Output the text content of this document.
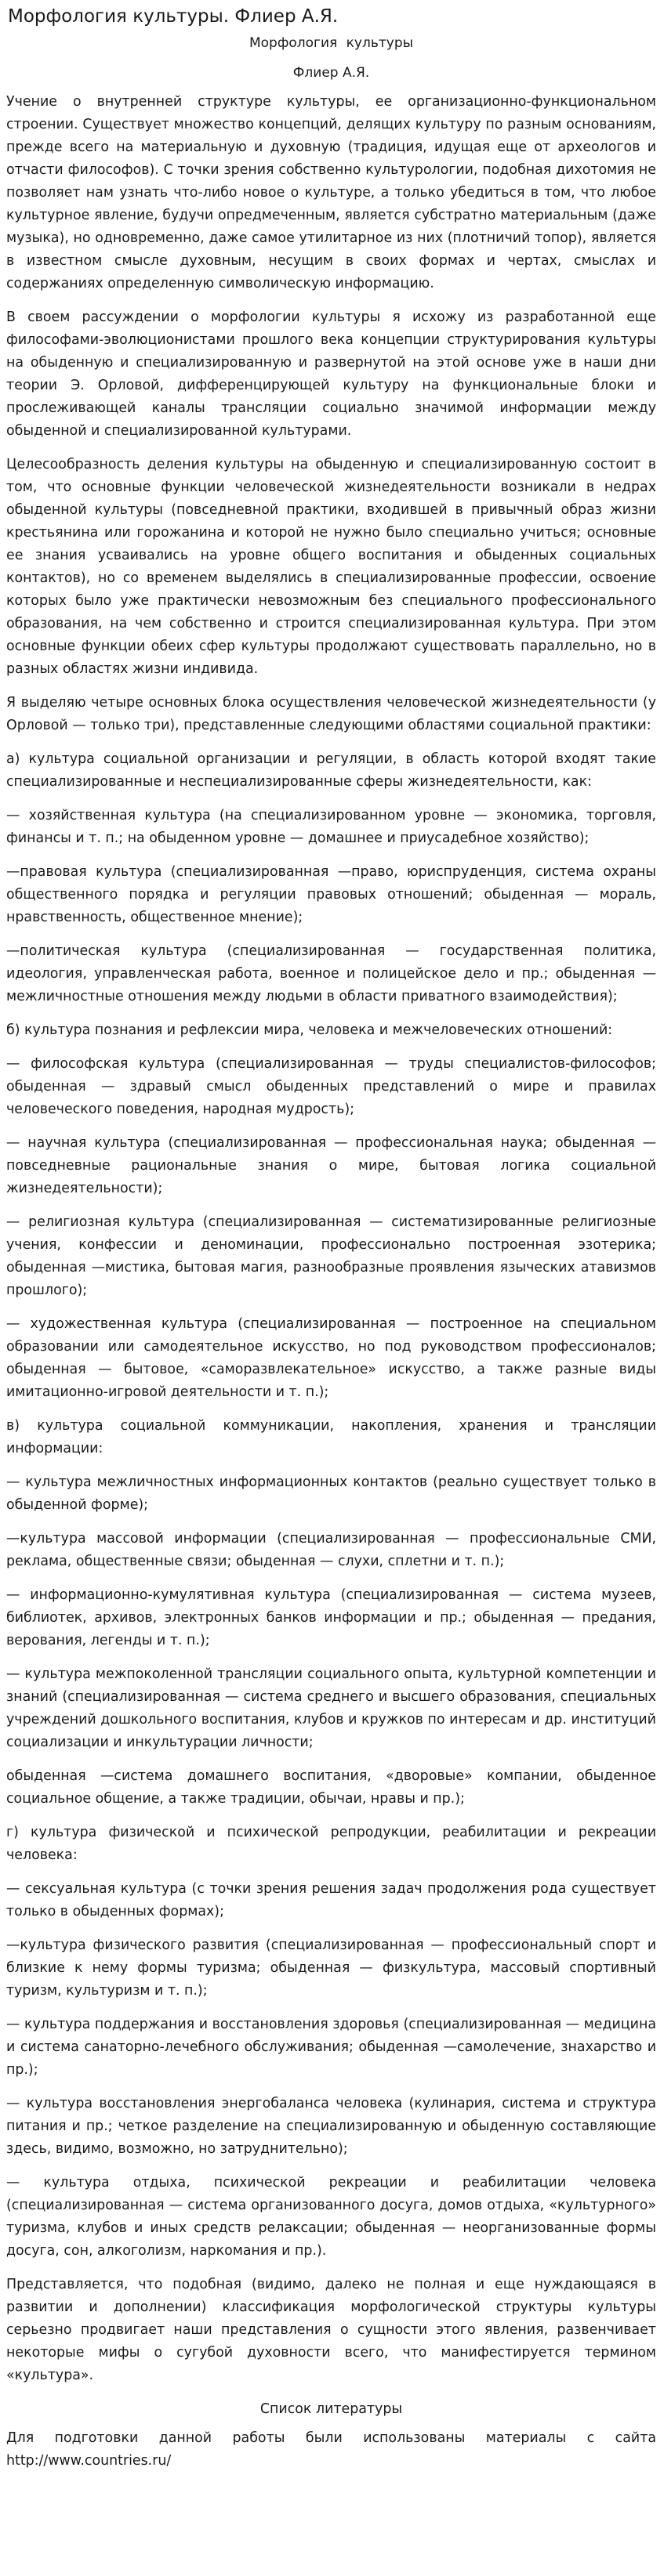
Морфология культуры. Флиер А.Я.
Морфология культуры
Флиер А.Я.

Учение о внутренней структуре культуры, ее организационно-функциональном строении. Существует множество концепций, делящих культуру по разным основаниям, прежде всего на материальную и духовную (традиция, идущая еще от археологов и отчасти философов). С точки зрения собственно культурологии, подобная дихотомия не позволяет нам узнать что-либо новое о культуре, а только убедиться в том, что любое культурное явление, будучи опредмеченным, является субстратно материальным (даже музыка), но одновременно, даже самое утилитарное из них (плотничий топор), является в известном смысле духовным, несущим в своих формах и чертах, смыслах и содержаниях определенную символическую информацию.

В своем рассуждении о морфологии культуры я исхожу из разработанной еще философами-эволюционистами прошлого века концепции структурирования культуры на обыденную и специализированную и развернутой на этой основе уже в наши дни теории Э. Орловой, дифференцирующей культуру на функциональные блоки и прослеживающей каналы трансляции социально значимой информации между обыденной и специализированной культурами.

Целесообразность деления культуры на обыденную и специализированную состоит в том, что основные функции человеческой жизнедеятельности возникали в недрах обыденной культуры (повседневной практики, входившей в привычный образ жизни крестьянина или горожанина и которой не нужно было специально учиться; основные ее знания усваивались на уровне общего воспитания и обыденных социальных контактов), но со временем выделялись в специализированные профессии, освоение которых было уже практически невозможным без специального профессионального образования, на чем собственно и строится специализированная культура. При этом основные функции обеих сфер культуры продолжают существовать параллельно, но в разных областях жизни индивида.

Я выделяю четыре основных блока осуществления человеческой жизнедеятельности (у Орловой — только три), представленные следующими областями социальной практики:

а) культура социальной организации и регуляции, в область которой входят такие специализированные и неспециализированные сферы жизнедеятельности, как:

— хозяйственная культура (на специализированном уровне — экономика, торговля, финансы и т. п.; на обыденном уровне — домашнее и приусадебное хозяйство);

—правовая культура (специализированная —право, юриспруденция, система охраны общественного порядка и регуляции правовых отношений; обыденная — мораль, нравственность, общественное мнение);

—политическая культура (специализированная — государственная политика, идеология, управленческая работа, военное и полицейское дело и пр.; обыденная — межличностные отношения между людьми в области приватного взаимодействия);

б) культура познания и рефлексии мира, человека и межчеловеческих отношений:

— философская культура (специализированная — труды специалистов-философов; обыденная — здравый смысл обыденных представлений о мире и правилах человеческого поведения, народная мудрость);

— научная культура (специализированная — профессиональная наука; обыденная — повседневные рациональные знания о мире, бытовая логика социальной жизнедеятельности);

— религиозная культура (специализированная — систематизированные религиозные учения, конфессии и деноминации, профессионально построенная эзотерика; обыденная —мистика, бытовая магия, разнообразные проявления языческих атавизмов прошлого);

— художественная культура (специализированная — построенное на специальном образовании или самодеятельное искусство, но под руководством профессионалов; обыденная — бытовое, «саморазвлекательное» искусство, а также разные виды имитационно-игровой деятельности и т. п.);

в) культура социальной коммуникации, накопления, хранения и трансляции информации:

— культура межличностных информационных контактов (реально существует только в обыденной форме);

—культура массовой информации (специализированная — профессиональные СМИ, реклама, общественные связи; обыденная — слухи, сплетни и т. п.);

— информационно-кумулятивная культура (специализированная — система музеев, библиотек, архивов, электронных банков информации и пр.; обыденная — предания, верования, легенды и т. п.);

— культура межпоколенной трансляции социального опыта, культурной компетенции и знаний (специализированная — система среднего и высшего образования, специальных учреждений дошкольного воспитания, клубов и кружков по интересам и др. институций социализации и инкультурации личности;

обыденная —система домашнего воспитания, «дворовые» компании, обыденное социальное общение, а также традиции, обычаи, нравы и пр.);

г) культура физической и психической репродукции, реабилитации и рекреации человека:

— сексуальная культура (с точки зрения решения задач продолжения рода существует только в обыденных формах);

—культура физического развития (специализированная — профессиональный спорт и близкие к нему формы туризма; обыденная — физкультура, массовый спортивный туризм, культуризм и т. п.);

— культура поддержания и восстановления здоровья (специализированная — медицина и система санаторно-лечебного обслуживания; обыденная —самолечение, знахарство и пр.);

— культура восстановления энергобаланса человека (кулинария, система и структура питания и пр.; четкое разделение на специализированную и обыденную составляющие здесь, видимо, возможно, но затруднительно);

— культура отдыха, психической рекреации и реабилитации человека (специализированная — система организованного досуга, домов отдыха, «культурного» туризма, клубов и иных средств релаксации; обыденная — неорганизованные формы досуга, сон, алкоголизм, наркомания и пр.).

Представляется, что подобная (видимо, далеко не полная и еще нуждающаяся в развитии и дополнении) классификация морфологической структуры культуры серьезно продвигает наши представления о сущности этого явления, развенчивает некоторые мифы о сугубой духовности всего, что манифестируется термином «культура».

Список литературы

Для подготовки данной работы были использованы материалы с сайта http://www.countries.ru/
